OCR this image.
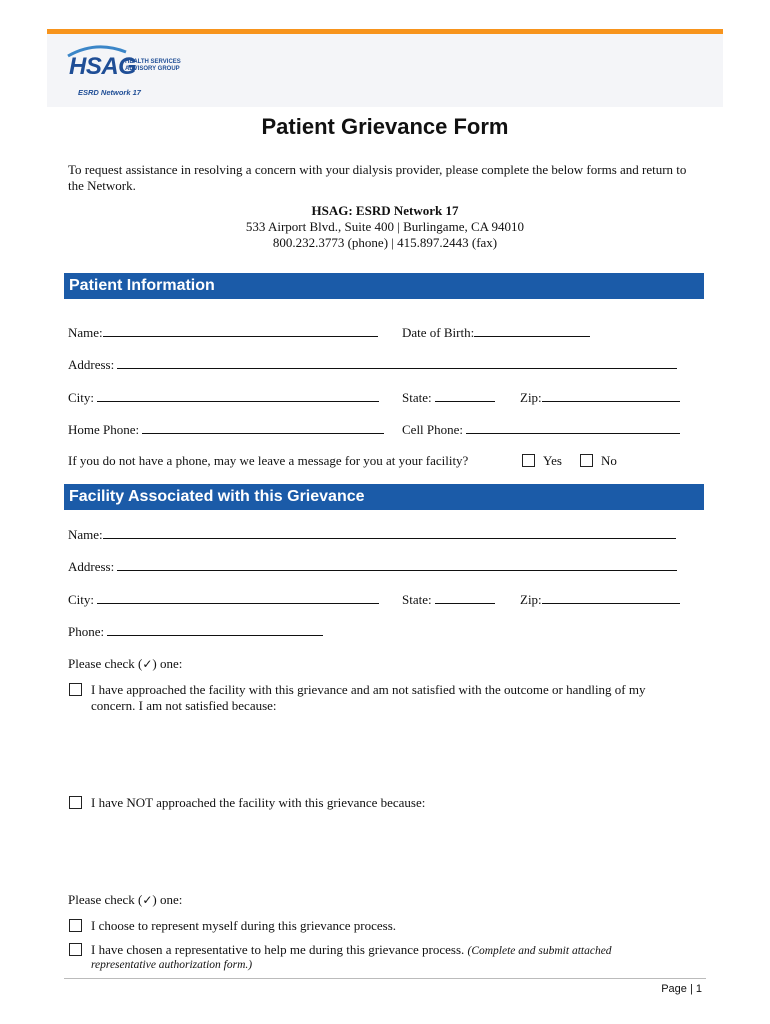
HSAG
HEALTH SERVICES
ADVISORY GROUP
ESRD Network 17
Patient Grievance Form
To request assistance in resolving a concern with your dialysis provider, please complete the below forms and return to the Network.
HSAG: ESRD Network 17
533 Airport Blvd., Suite 400 | Burlingame, CA 94010
800.232.3773 (phone) | 415.897.2443 (fax)
Patient Information
Name:	Date of Birth:
Address:
City:	State:	Zip:
Home Phone:	Cell Phone:
If you do not have a phone, may we leave a message for you at your facility?	Yes	No
Facility Associated with this Grievance
Name:
Address:
City:	State:	Zip:
Phone:
Please check (✓) one:
I have approached the facility with this grievance and am not satisfied with the outcome or handling of my
concern. I am not satisfied because:
I have NOT approached the facility with this grievance because:
Please check (✓) one:
I choose to represent myself during this grievance process.
I have chosen a representative to help me during this grievance process. (Complete and submit attached
representative authorization form.)
Page | 1
